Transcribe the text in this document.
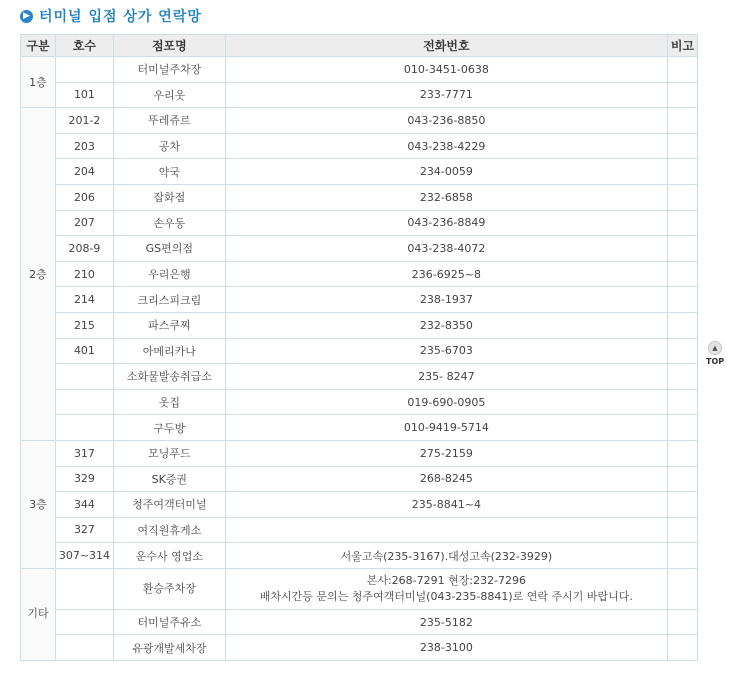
▶ 터미널 입점 상가 연락망
구분	호수	점포명	전화번호	비고
1층		터미널주차장	010-3451-0638	
	101	우리옷	233-7771	
2층	201-2	뚜레쥬르	043-236-8850	
	203	공차	043-238-4229	
	204	약국	234-0059	
	206	잡화점	232-6858	
	207	손우동	043-236-8849	
	208-9	GS편의점	043-238-4072	
	210	우리은행	236-6925~8	
	214	크리스피크림	238-1937	
	215	파스쿠찌	232-8350	
	401	아메리카나	235-6703	
		소화물발송취급소	235- 8247	
		옷집	019-690-0905	
		구두방	010-9419-5714	
3층	317	모닝푸드	275-2159	
	329	SK증권	268-8245	
	344	청주여객터미널	235-8841~4	
	327	여직원휴게소		
	307~314	운수사 영업소	서울고속(235-3167).대성고속(232-3929)	
기타		환승주차장	본사:268-7291 현장:232-7296
배차시간등 문의는 청주여객터미널(043-235-8841)로 연락 주시기 바랍니다.	

		터미널주유소	235-5182	
		유광개발세차장	238-3100	
▲
TOP
